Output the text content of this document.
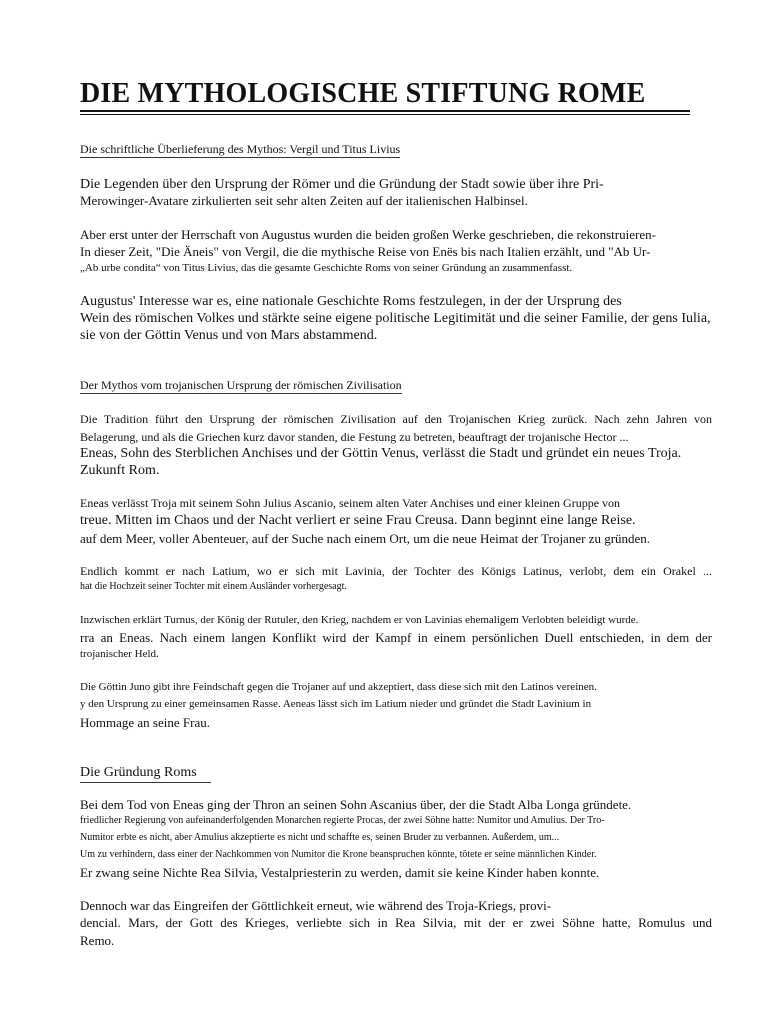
DIE MYTHOLOGISCHE STIFTUNG ROME
Die schriftliche Überlieferung des Mythos: Vergil und Titus Livius

Die Legenden über den Ursprung der Römer und die Gründung der Stadt sowie über ihre Pri-

Merowinger-Avatare zirkulierten seit sehr alten Zeiten auf der italienischen Halbinsel.

Aber erst unter der Herrschaft von Augustus wurden die beiden großen Werke geschrieben, die rekonstruieren-

In dieser Zeit, "Die Äneis" von Vergil, die die mythische Reise von Enës bis nach Italien erzählt, und "Ab Ur-

„Ab urbe condita“ von Titus Livius, das die gesamte Geschichte Roms von seiner Gründung an zusammenfasst.

Augustus' Interesse war es, eine nationale Geschichte Roms festzulegen, in der der Ursprung des

Wein des römischen Volkes und stärkte seine eigene politische Legitimität und die seiner Familie, der gens Iulia,

sie von der Göttin Venus und von Mars abstammend.

Der Mythos vom trojanischen Ursprung der römischen Zivilisation

Die Tradition führt den Ursprung der römischen Zivilisation auf den Trojanischen Krieg zurück. Nach zehn Jahren von

Belagerung, und als die Griechen kurz davor standen, die Festung zu betreten, beauftragt der trojanische Hector ...

Eneas, Sohn des Sterblichen Anchises und der Göttin Venus, verlässt die Stadt und gründet ein neues Troja.

Zukunft Rom.

Eneas verlässt Troja mit seinem Sohn Julius Ascanio, seinem alten Vater Anchises und einer kleinen Gruppe von

treue. Mitten im Chaos und der Nacht verliert er seine Frau Creusa. Dann beginnt eine lange Reise.

auf dem Meer, voller Abenteuer, auf der Suche nach einem Ort, um die neue Heimat der Trojaner zu gründen.

Endlich kommt er nach Latium, wo er sich mit Lavinia, der Tochter des Königs Latinus, verlobt, dem ein Orakel ...

hat die Hochzeit seiner Tochter mit einem Ausländer vorhergesagt.

Inzwischen erklärt Turnus, der König der Rutuler, den Krieg, nachdem er von Lavinias ehemaligem Verlobten beleidigt wurde.

rra an Eneas. Nach einem langen Konflikt wird der Kampf in einem persönlichen Duell entschieden, in dem der

trojanischer Held.

Die Göttin Juno gibt ihre Feindschaft gegen die Trojaner auf und akzeptiert, dass diese sich mit den Latinos vereinen.

y den Ursprung zu einer gemeinsamen Rasse. Aeneas lässt sich im Latium nieder und gründet die Stadt Lavinium in

Hommage an seine Frau.

Die Gründung Roms

Bei dem Tod von Eneas ging der Thron an seinen Sohn Ascanius über, der die Stadt Alba Longa gründete.

friedlicher Regierung von aufeinanderfolgenden Monarchen regierte Procas, der zwei Söhne hatte: Numitor und Amulius. Der Tro-

Numitor erbte es nicht, aber Amulius akzeptierte es nicht und schaffte es, seinen Bruder zu verbannen. Außerdem, um...

Um zu verhindern, dass einer der Nachkommen von Numitor die Krone beanspruchen könnte, tötete er seine männlichen Kinder.

Er zwang seine Nichte Rea Silvia, Vestalpriesterin zu werden, damit sie keine Kinder haben konnte.

Dennoch war das Eingreifen der Göttlichkeit erneut, wie während des Troja-Kriegs, provi-

dencial. Mars, der Gott des Krieges, verliebte sich in Rea Silvia, mit der er zwei Söhne hatte, Romulus und

Remo.
